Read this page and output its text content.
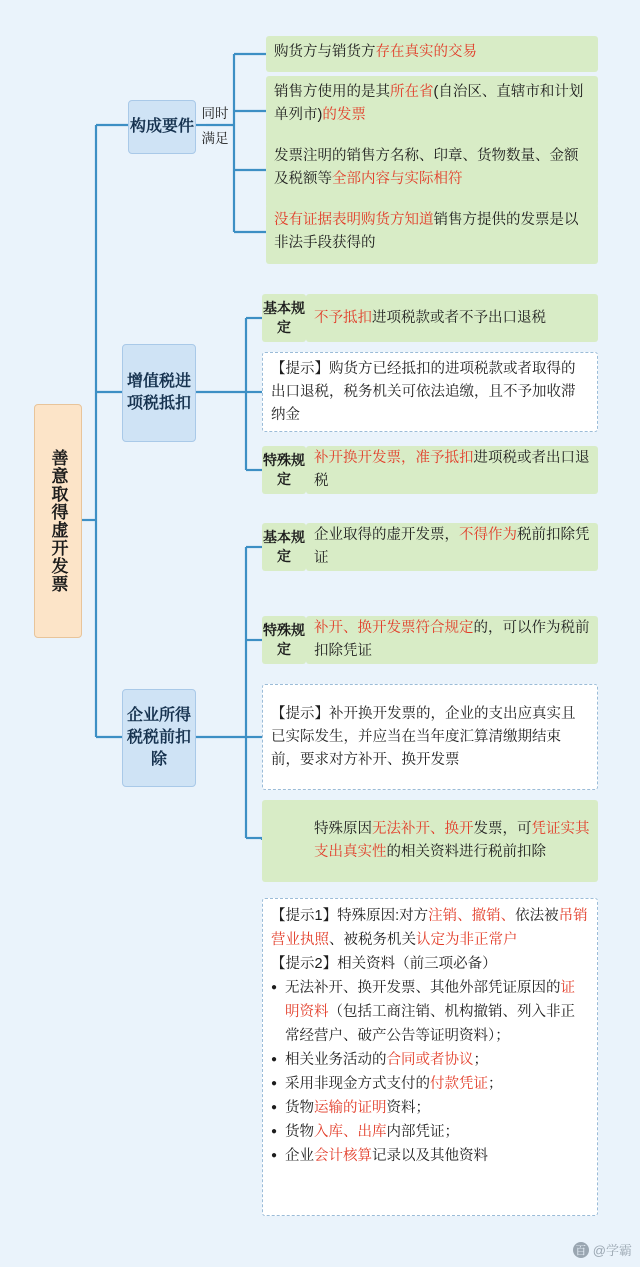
善意取得虚开发票
构成要件
同时
满足
增值税进项税抵扣
企业所得税税前扣除
购货方与销货方存在真实的交易
销售方使用的是其所在省(自治区、直辖市和计划单列市)的发票
发票注明的销售方名称、印章、货物数量、金额及税额等全部内容与实际相符
没有证据表明购货方知道销售方提供的发票是以非法手段获得的
基本规定
不予抵扣进项税款或者不予出口退税
【提示】购货方已经抵扣的进项税款或者取得的出口退税，税务机关可依法追缴，且不予加收滞纳金
特殊规定
补开换开发票，准予抵扣进项税或者出口退税
基本规定
企业取得的虚开发票，不得作为税前扣除凭证
特殊规定
补开、换开发票符合规定的，可以作为税前扣除凭证
【提示】补开换开发票的，企业的支出应真实且已实际发生，并应当在当年度汇算清缴期结束前，要求对方补开、换开发票
特殊原因无法补开、换开发票，可凭证实其支出真实性的相关资料进行税前扣除
【提示1】特殊原因:对方注销、撤销、依法被吊销营业执照、被税务机关认定为非正常户
【提示2】相关资料（前三项必备）
● 无法补开、换开发票、其他外部凭证原因的证明资料（包括工商注销、机构撤销、列入非正常经营户、破产公告等证明资料）；
● 相关业务活动的合同或者协议；
● 采用非现金方式支付的付款凭证；
● 货物运输的证明资料；
● 货物入库、出库内部凭证；
● 企业会计核算记录以及其他资料
百 @学霸
